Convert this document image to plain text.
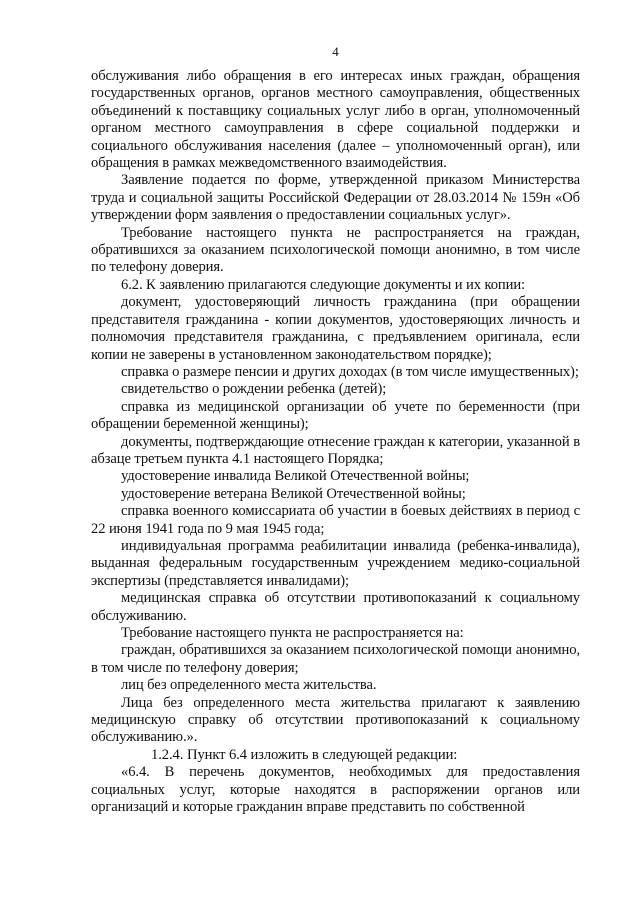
4

обслуживания либо обращения в его интересах иных граждан, обращения государственных органов, органов местного самоуправления, общественных объединений к поставщику социальных услуг либо в орган, уполномоченный органом местного самоуправления в сфере социальной поддержки и социального обслуживания населения (далее – уполномоченный орган), или обращения в рамках межведомственного взаимодействия.

Заявление подается по форме, утвержденной приказом Министерства труда и социальной защиты Российской Федерации от 28.03.2014 № 159н «Об утверждении форм заявления о предоставлении социальных услуг».

Требование настоящего пункта не распространяется на граждан, обратившихся за оказанием психологической помощи анонимно, в том числе по телефону доверия.

6.2. К заявлению прилагаются следующие документы и их копии:

документ, удостоверяющий личность гражданина (при обращении представителя гражданина - копии документов, удостоверяющих личность и полномочия представителя гражданина, с предъявлением оригинала, если копии не заверены в установленном законодательством порядке);

справка о размере пенсии и других доходах (в том числе имущественных);

свидетельство о рождении ребенка (детей);

справка из медицинской организации об учете по беременности (при обращении беременной женщины);

документы, подтверждающие отнесение граждан к категории, указанной в абзаце третьем пункта 4.1 настоящего Порядка;

удостоверение инвалида Великой Отечественной войны;

удостоверение ветерана Великой Отечественной войны;

справка военного комиссариата об участии в боевых действиях в период с 22 июня 1941 года по 9 мая 1945 года;

индивидуальная программа реабилитации инвалида (ребенка-инвалида), выданная федеральным государственным учреждением медико-социальной экспертизы (представляется инвалидами);

медицинская справка об отсутствии противопоказаний к социальному обслуживанию.

Требование настоящего пункта не распространяется на:

граждан, обратившихся за оказанием психологической помощи анонимно, в том числе по телефону доверия;

лиц без определенного места жительства.

Лица без определенного места жительства прилагают к заявлению медицинскую справку об отсутствии противопоказаний к социальному обслуживанию.».

1.2.4. Пункт 6.4 изложить в следующей редакции:

«6.4. В перечень документов, необходимых для предоставления социальных услуг, которые находятся в распоряжении органов или организаций и которые гражданин вправе представить по собственной
